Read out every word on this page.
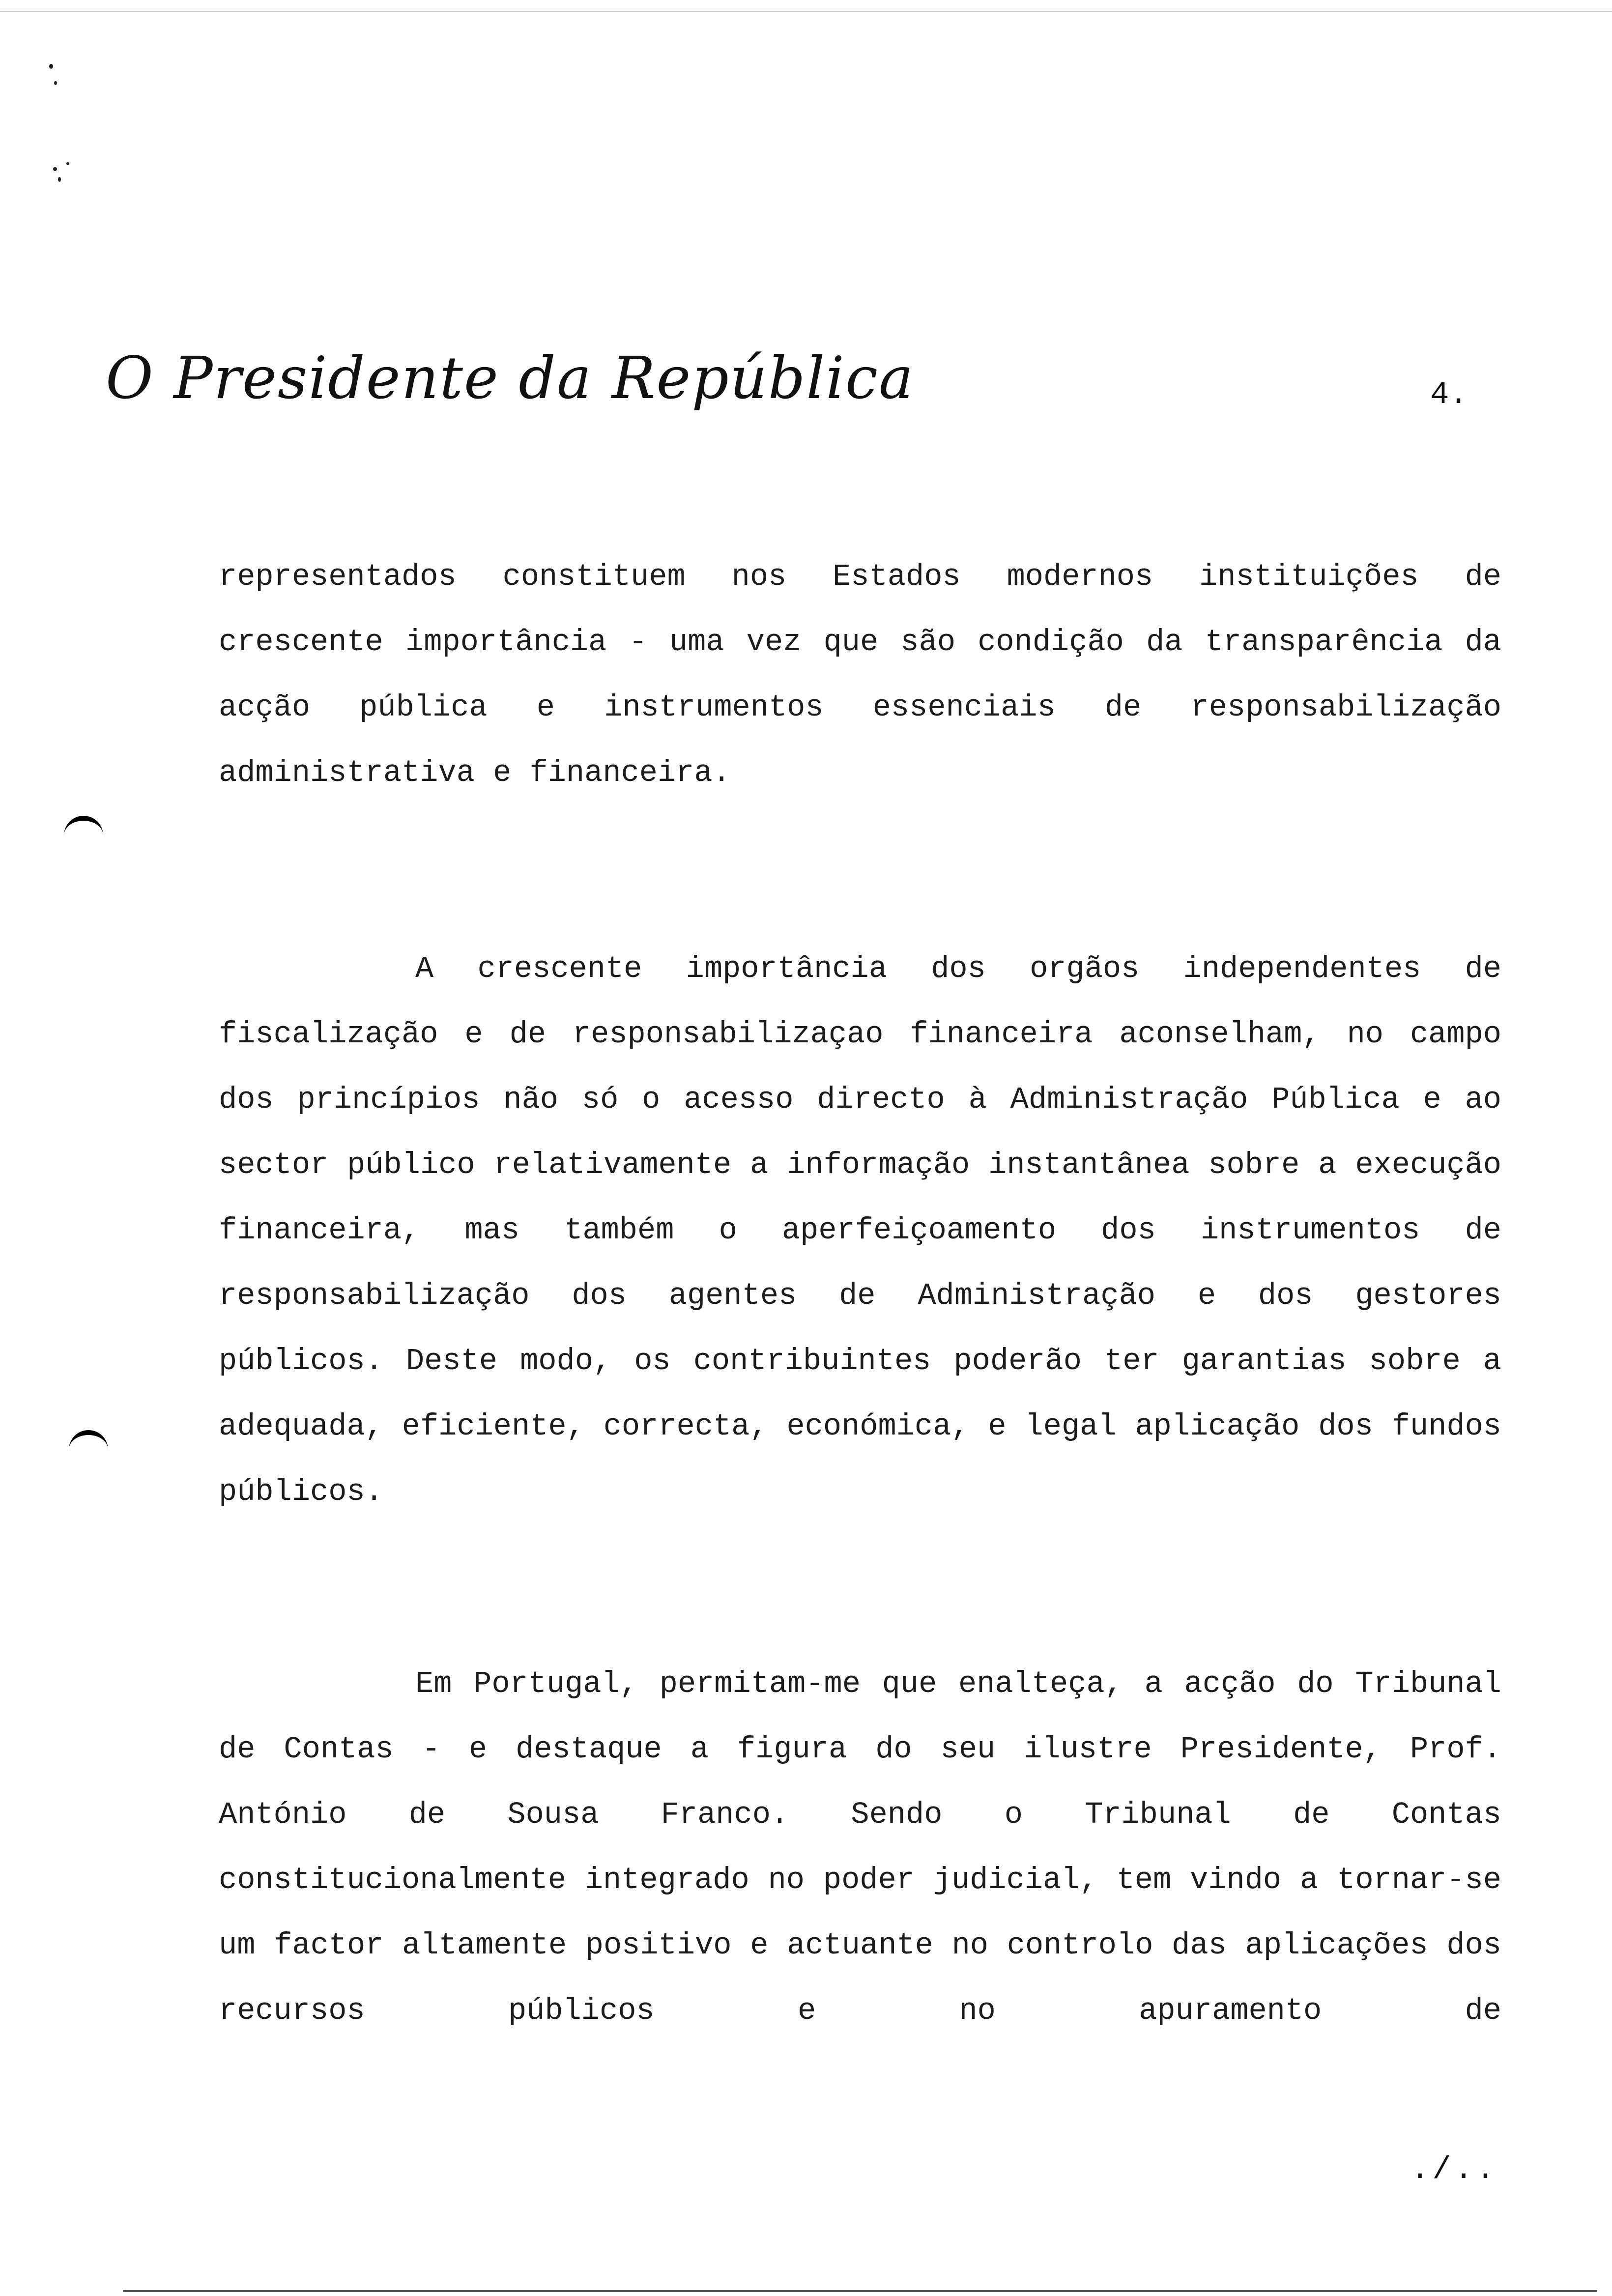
O Presidente da República	4.

representados constituem nos Estados modernos instituições de crescente importância - uma vez que são condição da transparência da acção pública e instrumentos essenciais de responsabilização administrativa e financeira.

A crescente importância dos orgãos independentes de fiscalização e de responsabilizaçao financeira aconselham, no campo dos princípios não só o acesso directo à Administração Pública e ao sector público relativamente a informação instantânea sobre a execução financeira, mas também o aperfeiçoamento dos instrumentos de responsabilização dos agentes de Administração e dos gestores públicos. Deste modo, os contribuintes poderão ter garantias sobre a adequada, eficiente, correcta, económica, e legal aplicação dos fundos públicos.

Em Portugal, permitam-me que enalteça, a acção do Tribunal de Contas - e destaque a figura do seu ilustre Presidente, Prof. António de Sousa Franco. Sendo o Tribunal de Contas constitucionalmente integrado no poder judicial, tem vindo a tornar-se um factor altamente positivo e actuante no controlo das aplicações dos recursos públicos e no apuramento de

./..
